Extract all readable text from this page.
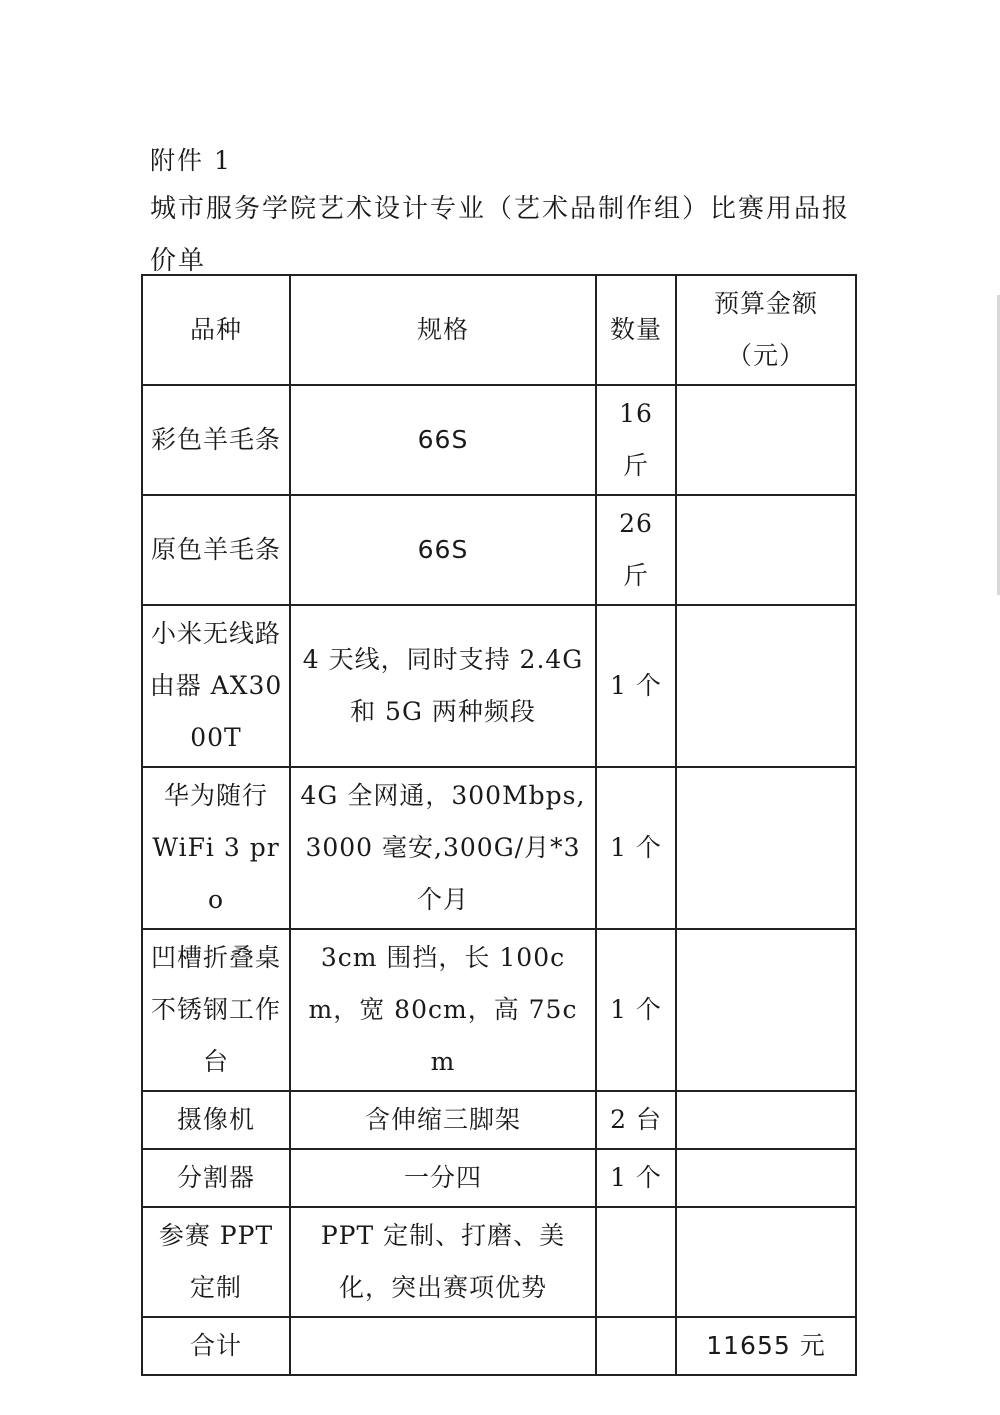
附件 1
城市服务学院艺术设计专业（艺术品制作组）比赛用品报价单
品种	规格	数量	预算金额（元）
彩色羊毛条	66S	16 斤	
原色羊毛条	66S	26 斤	
小米无线路由器 AX3000T	4 天线，同时支持 2.4G 和 5G 两种频段	1 个	
华为随行 WiFi 3 pro	4G 全网通，300Mbps,3000 毫安,300G/月*3 个月	1 个	
凹槽折叠桌不锈钢工作台	3cm 围挡，长 100cm，宽 80cm，高 75cm	1 个	
摄像机	含伸缩三脚架	2 台	
分割器	一分四	1 个	
参赛 PPT 定制	PPT 定制、打磨、美化，突出赛项优势		
合计			11655 元
